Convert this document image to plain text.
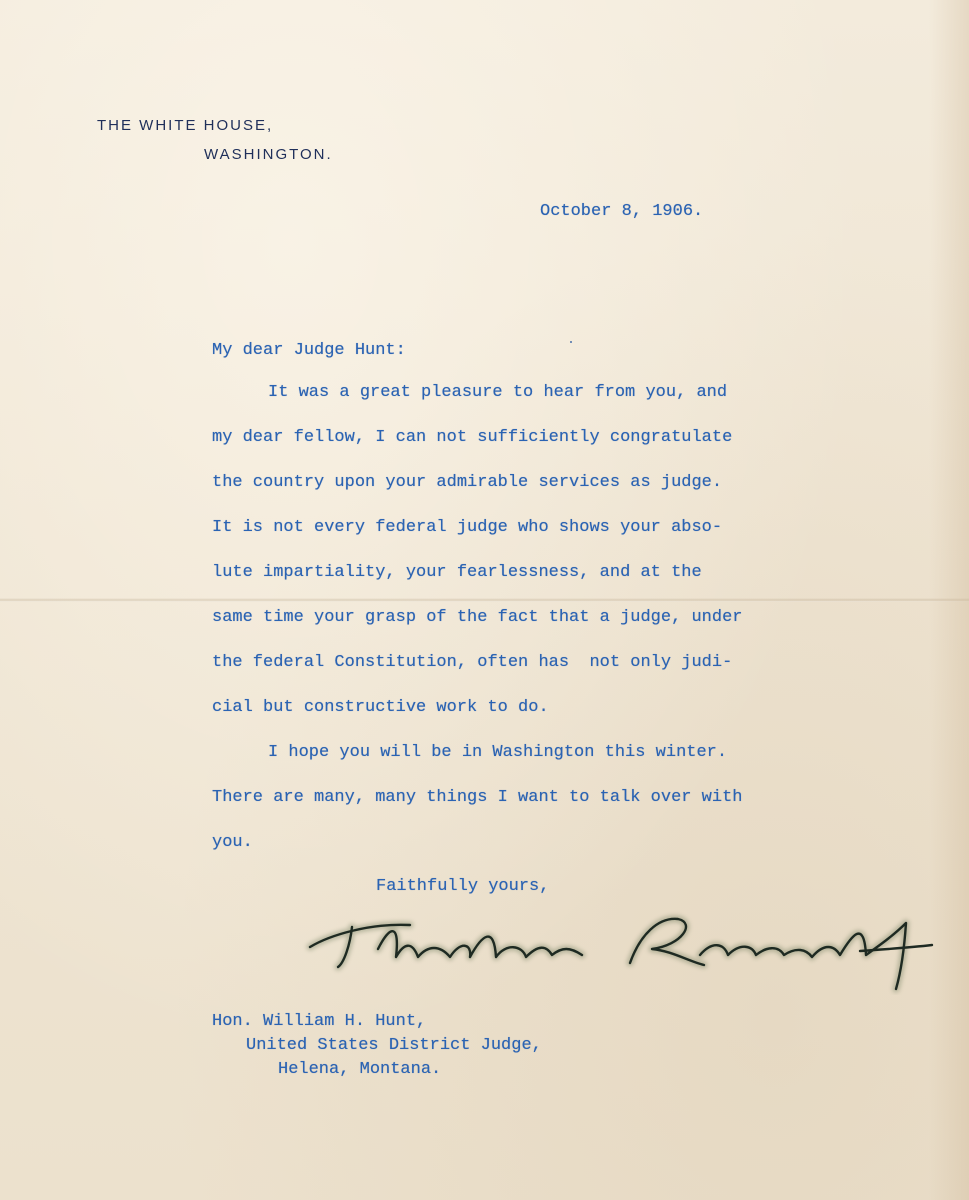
THE WHITE HOUSE,
WASHINGTON.
October 8, 1906.
My dear Judge Hunt:
It was a great pleasure to hear from you, and
my dear fellow, I can not sufficiently congratulate
the country upon your admirable services as judge.
It is not every federal judge who shows your abso-
lute impartiality, your fearlessness, and at the
same time your grasp of the fact that a judge, under
the federal Constitution, often has  not only judi-
cial but constructive work to do.
I hope you will be in Washington this winter.
There are many, many things I want to talk over with
you.
Faithfully yours,
Hon. William H. Hunt,
United States District Judge,
Helena, Montana.
